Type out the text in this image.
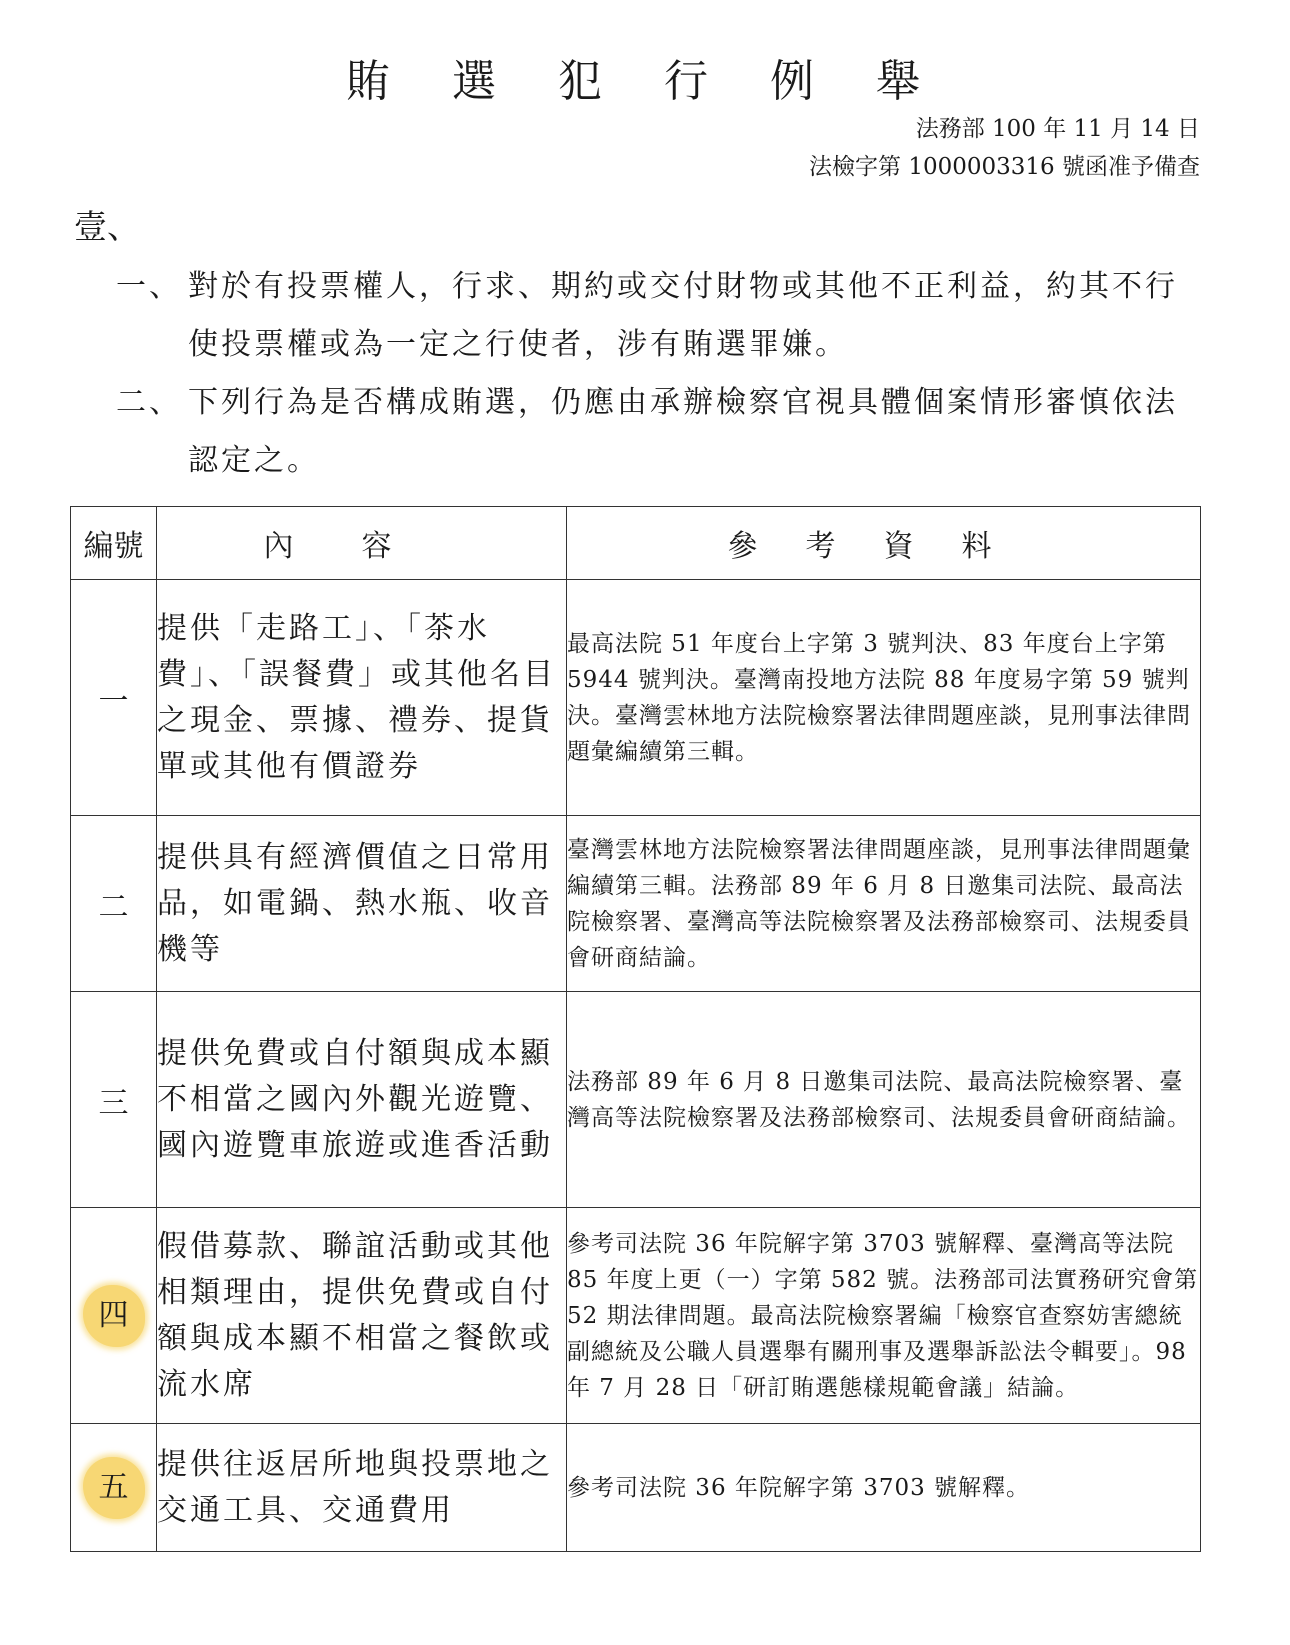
賄 選 犯 行 例 舉
法務部 100 年 11 月 14 日
法檢字第 1000003316 號函准予備查
壹、
一、 對於有投票權人，行求、期約或交付財物或其他不正利益，約其不行使投票權或為一定之行使者，涉有賄選罪嫌。
二、 下列行為是否構成賄選，仍應由承辦檢察官視具體個案情形審慎依法認定之。
編號	內容	參考資料
一	提供「走路工」、「茶水費」、「誤餐費」或其他名目之現金、票據、禮券、提貨單或其他有價證券	最高法院 51 年度台上字第 3 號判決、83 年度台上字第 5944 號判決。臺灣南投地方法院 88 年度易字第 59 號判決。臺灣雲林地方法院檢察署法律問題座談，見刑事法律問題彙編續第三輯。
二	提供具有經濟價值之日常用品，如電鍋、熱水瓶、收音機等	臺灣雲林地方法院檢察署法律問題座談，見刑事法律問題彙編續第三輯。法務部 89 年 6 月 8 日邀集司法院、最高法院檢察署、臺灣高等法院檢察署及法務部檢察司、法規委員會研商結論。
三	提供免費或自付額與成本顯不相當之國內外觀光遊覽、國內遊覽車旅遊或進香活動	法務部 89 年 6 月 8 日邀集司法院、最高法院檢察署、臺灣高等法院檢察署及法務部檢察司、法規委員會研商結論。
四	假借募款、聯誼活動或其他相類理由，提供免費或自付額與成本顯不相當之餐飲或流水席	參考司法院 36 年院解字第 3703 號解釋、臺灣高等法院 85 年度上更（一）字第 582 號。法務部司法實務研究會第 52 期法律問題。最高法院檢察署編「檢察官查察妨害總統副總統及公職人員選舉有關刑事及選舉訴訟法令輯要」。98 年 7 月 28 日「研訂賄選態樣規範會議」結論。
五	提供往返居所地與投票地之交通工具、交通費用	參考司法院 36 年院解字第 3703 號解釋。
